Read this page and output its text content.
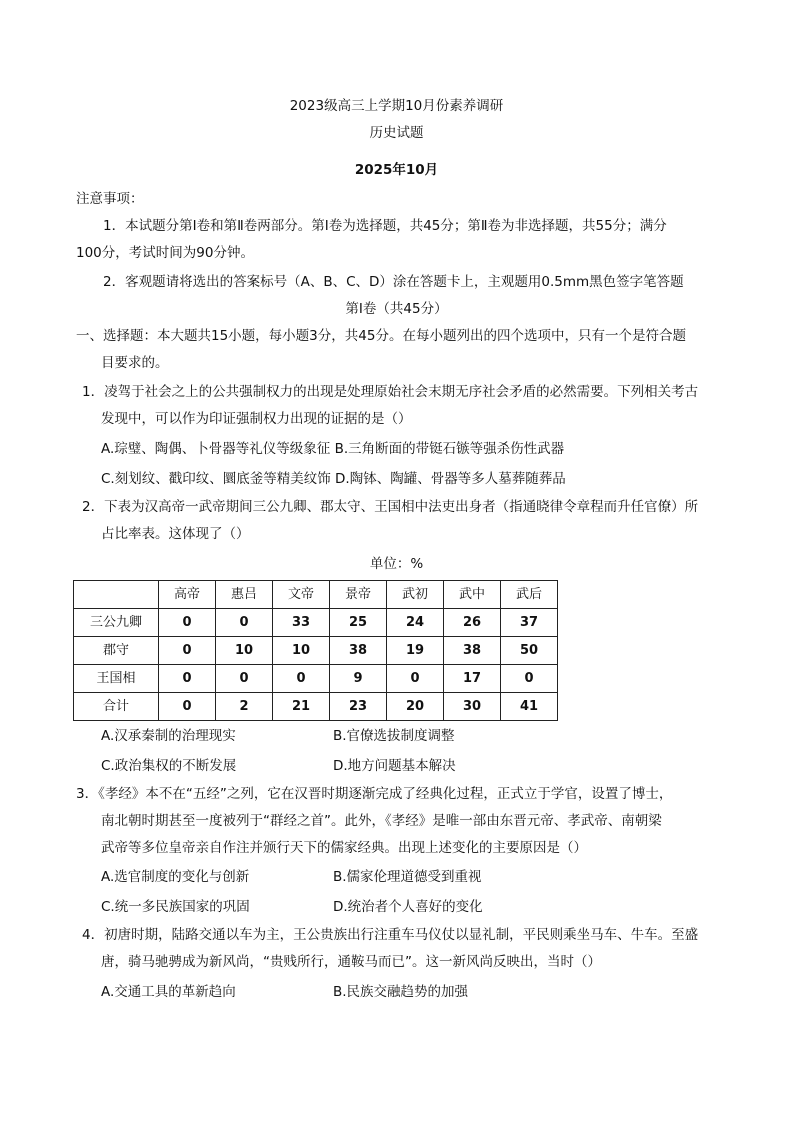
2023级高三上学期10月份素养调研
历史试题
2025年10月
注意事项：
1．本试题分第Ⅰ卷和第Ⅱ卷两部分。第Ⅰ卷为选择题，共45分；第Ⅱ卷为非选择题，共55分；满分
100分，考试时间为90分钟。
2．客观题请将选出的答案标号（A、B、C、D）涂在答题卡上，主观题用0.5mm黑色签字笔答题
第Ⅰ卷（共45分）
一、选择题：本大题共15小题，每小题3分，共45分。在每小题列出的四个选项中，只有一个是符合题
目要求的。
1．凌驾于社会之上的公共强制权力的出现是处理原始社会末期无序社会矛盾的必然需要。下列相关考古
发现中，可以作为印证强制权力出现的证据的是（）
A.琮璧、陶偶、卜骨器等礼仪等级象征 B.三角断面的带铤石镞等强杀伤性武器
C.刻划纹、戳印纹、圜底釜等精美纹饰 D.陶钵、陶罐、骨器等多人墓葬随葬品
2．下表为汉高帝一武帝期间三公九卿、郡太守、王国相中法吏出身者（指通晓律令章程而升任官僚）所
占比率表。这体现了（）
单位：%
	高帝	惠吕	文帝	景帝	武初	武中	武后
三公九卿	0	0	33	25	24	26	37
郡守	0	10	10	38	19	38	50
王国相	0	0	0	9	0	17	0
合计	0	2	21	23	20	30	41
A.汉承秦制的治理现实	B.官僚选拔制度调整
C.政治集权的不断发展	D.地方问题基本解决
3．《孝经》本不在“五经”之列，它在汉晋时期逐渐完成了经典化过程，正式立于学官，设置了博士，
南北朝时期甚至一度被列于“群经之首”。此外，《孝经》是唯一部由东晋元帝、孝武帝、南朝梁
武帝等多位皇帝亲自作注并颁行天下的儒家经典。出现上述变化的主要原因是（）
A.选官制度的变化与创新	B.儒家伦理道德受到重视
C.统一多民族国家的巩固	D.统治者个人喜好的变化
4．初唐时期，陆路交通以车为主，王公贵族出行注重车马仪仗以显礼制，平民则乘坐马车、牛车。至盛
唐，骑马驰骋成为新风尚，“贵贱所行，通鞍马而已”。这一新风尚反映出，当时（）
A.交通工具的革新趋向	B.民族交融趋势的加强
